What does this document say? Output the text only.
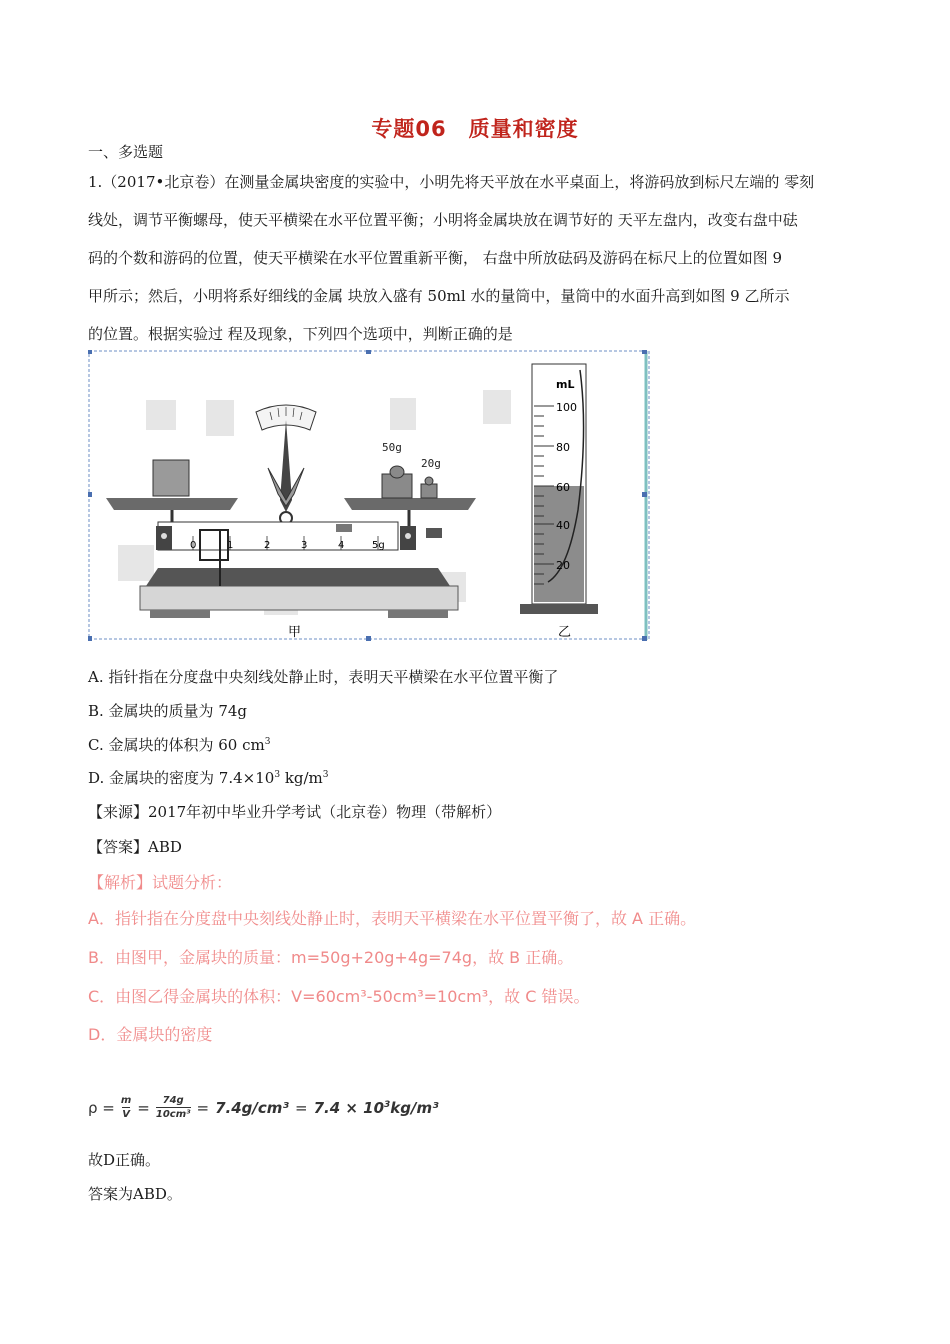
专题06　质量和密度
一、多选题
1.（2017•北京卷）在测量金属块密度的实验中，小明先将天平放在水平桌面上，将游码放到标尺左端的 零刻
线处，调节平衡螺母，使天平横梁在水平位置平衡；小明将金属块放在调节好的 天平左盘内，改变右盘中砝
码的个数和游码的位置，使天平横梁在水平位置重新平衡， 右盘中所放砝码及游码在标尺上的位置如图 9
甲所示；然后，小明将系好细线的金属 块放入盛有 50ml 水的量筒中，量筒中的水面升高到如图 9 乙所示
的位置。根据实验过 程及现象，下列四个选项中，判断正确的是
50g
20g
0	1	2	3	4	5g
mL
100
80
60
40
20
甲	乙
A. 指针指在分度盘中央刻线处静止时，表明天平横梁在水平位置平衡了
B. 金属块的质量为 74g
C. 金属块的体积为 60 $cm^3$
D. 金属块的密度为 $7.4\times 10^3$ $kg/m^3$
【来源】2017年初中毕业升学考试（北京卷）物理（带解析）
【答案】ABD
【解析】试题分析：
A．指针指在分度盘中央刻线处静止时，表明天平横梁在水平位置平衡了，故 A 正确。
B．由图甲，金属块的质量：m=50g+20g+4g=74g，故 B 正确。
C．由图乙得金属块的体积：V=60cm³-50cm³=10cm³，故 C 错误。
D．金属块的密度
$\rho = \frac{m}{V} = \frac{74g}{\text{10cm³}} = 7.4g/cm^3 = 7.4 \times 10^3kg/m^3$
故D正确。
答案为ABD。
